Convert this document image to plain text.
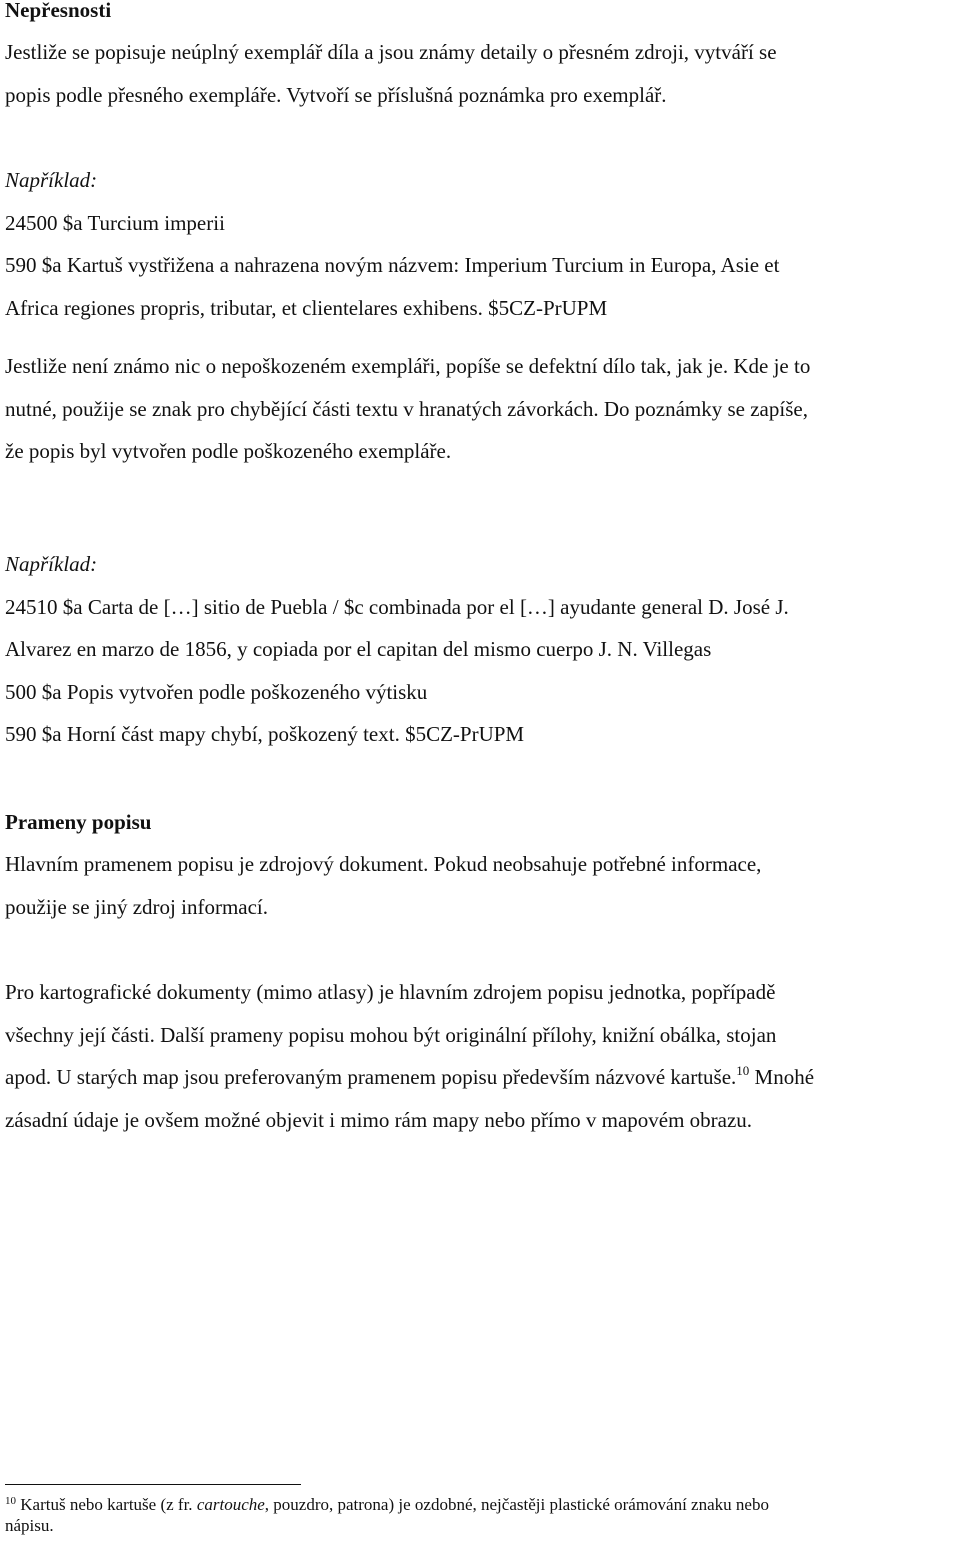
Nepřesnosti
Jestliže se popisuje neúplný exemplář díla a jsou známy detaily o přesném zdroji, vytváří se
popis podle přesného exempláře. Vytvoří se příslušná poznámka pro exemplář.
Například:
24500 $a Turcium imperii
590 $a Kartuš vystřižena a nahrazena novým názvem: Imperium Turcium in Europa, Asie et
Africa regiones propris, tributar, et clientelares exhibens. $5CZ-PrUPM
Jestliže není známo nic o nepoškozeném exempláři, popíše se defektní dílo tak, jak je. Kde je to
nutné, použije se znak pro chybějící části textu v hranatých závorkách. Do poznámky se zapíše,
že popis byl vytvořen podle poškozeného exempláře.
Například:
24510 $a Carta de […] sitio de Puebla / $c combinada por el […] ayudante general D. José J.
Alvarez en marzo de 1856, y copiada por el capitan del mismo cuerpo J. N. Villegas
500 $a Popis vytvořen podle poškozeného výtisku
590 $a Horní část mapy chybí, poškozený text. $5CZ-PrUPM
Prameny popisu
Hlavním pramenem popisu je zdrojový dokument. Pokud neobsahuje potřebné informace,
použije se jiný zdroj informací.
Pro kartografické dokumenty (mimo atlasy) je hlavním zdrojem popisu jednotka, popřípadě
všechny její části. Další prameny popisu mohou být originální přílohy, knižní obálka, stojan
apod. U starých map jsou preferovaným pramenem popisu především názvové kartuše.$^{10}$ Mnohé
zásadní údaje je ovšem možné objevit i mimo rám mapy nebo přímo v mapovém obrazu.
$^{10}$ Kartuš nebo kartuše (z fr. cartouche, pouzdro, patrona) je ozdobné, nejčastěji plastické orámování znaku nebo
nápisu.
